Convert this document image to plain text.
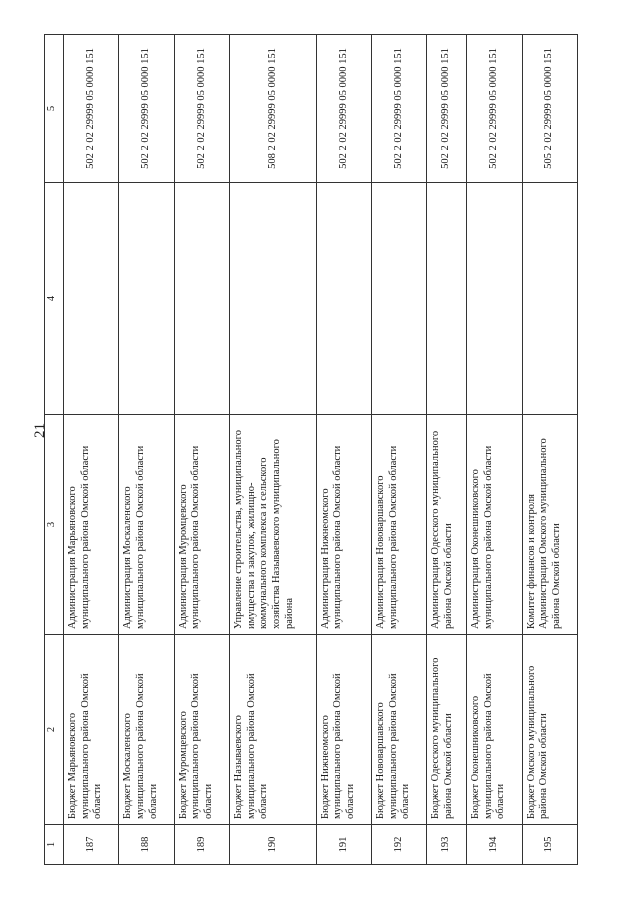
21
1	2	3	4	5
187	Бюджет Марьяновского муниципального района Омской области	Администрация Марьяновского муниципального района Омской области		502 2 02 29999 05 0000 151
188	Бюджет Москаленского муниципального района Омской области	Администрация Москаленского муниципального района Омской области		502 2 02 29999 05 0000 151
189	Бюджет Муромцевского муниципального района Омской области	Администрация Муромцевского муниципального района Омской области		502 2 02 29999 05 0000 151
190	Бюджет Называевского муниципального района Омской области	Управление строительства, муниципального имущества и закупок, жилищно-коммунального комплекса и сельского хозяйства Называевского муниципального района		508 2 02 29999 05 0000 151
191	Бюджет Нижнеомского муниципального района Омской области	Администрация Нижнеомского муниципального района Омской области		502 2 02 29999 05 0000 151
192	Бюджет Нововаршавского муниципального района Омской области	Администрация Нововаршавского муниципального района Омской области		502 2 02 29999 05 0000 151
193	Бюджет Одесского муниципального района Омской области	Администрация Одесского муниципального района Омской области		502 2 02 29999 05 0000 151
194	Бюджет Оконешниковского муниципального района Омской области	Администрация Оконешниковского муниципального района Омской области		502 2 02 29999 05 0000 151
195	Бюджет Омского муниципального района Омской области	Комитет финансов и контроля Администрации Омского муниципального района Омской области		505 2 02 29999 05 0000 151
